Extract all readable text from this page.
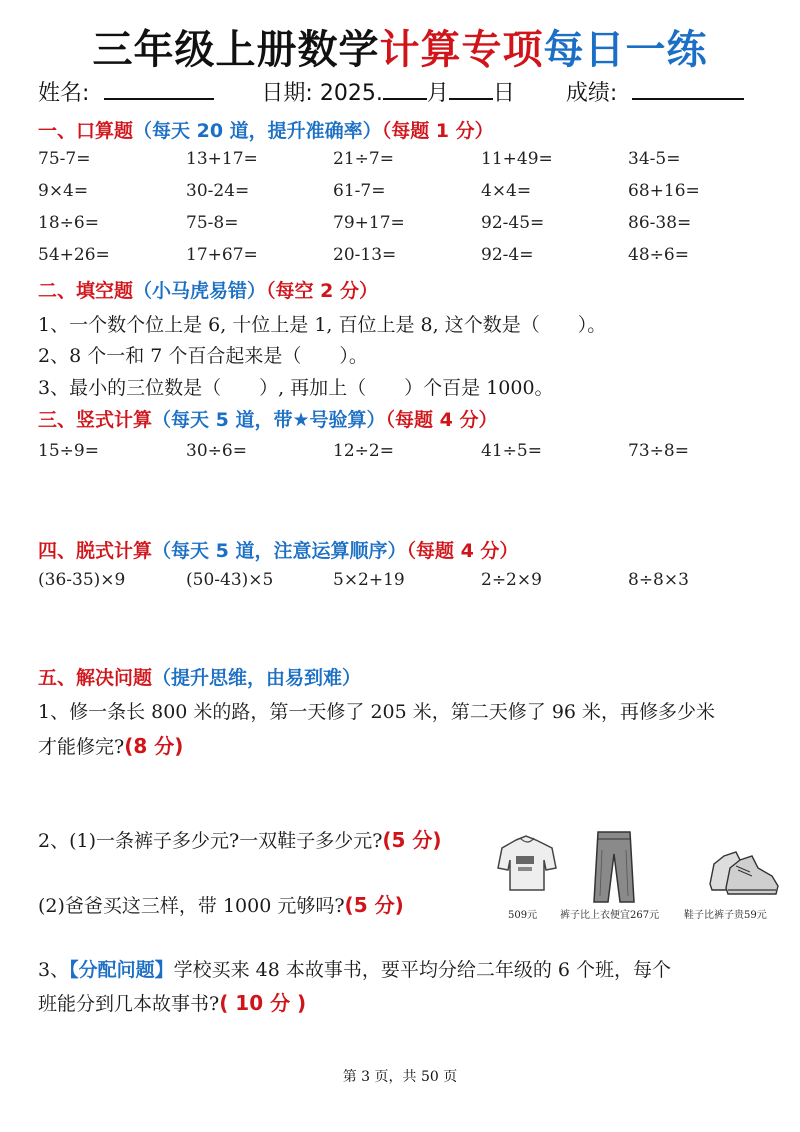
三年级上册数学计算专项每日一练
姓名:	日期: 2025. 月 日 成绩:
一、口算题（每天 20 道，提升准确率）（每题 1 分）
75-7=	13+17=	21÷7=	11+49=	34-5=
9×4=	30-24=	61-7=	4×4=	68+16=
18÷6=	75-8=	79+17=	92-45=	86-38=
54+26=	17+67=	20-13=	92-4=	48÷6=
二、填空题（小马虎易错）（每空 2 分）
1、一个数个位上是 6, 十位上是 1, 百位上是 8, 这个数是（　　）。
2、8 个一和 7 个百合起来是（　　）。
3、最小的三位数是（　　）, 再加上（　　）个百是 1000。
三、竖式计算（每天 5 道，带★号验算）（每题 4 分）
15÷9=	30÷6=	12÷2=	41÷5=	73÷8=
四、脱式计算（每天 5 道，注意运算顺序）（每题 4 分）
(36-35)×9	(50-43)×5	5×2+19	2÷2×9	8÷8×3
五、解决问题（提升思维，由易到难）
1、修一条长 800 米的路，第一天修了 205 米，第二天修了 96 米，再修多少米
才能修完?(8 分)
2、(1)一条裤子多少元?一双鞋子多少元?(5 分)
(2)爸爸买这三样，带 1000 元够吗?(5 分)	509元 裤子比上衣便宜267元 鞋子比裤子贵59元
3、【分配问题】学校买来 48 本故事书，要平均分给二年级的 6 个班，每个
班能分到几本故事书?( 10 分 )
第 3 页，共 50 页
